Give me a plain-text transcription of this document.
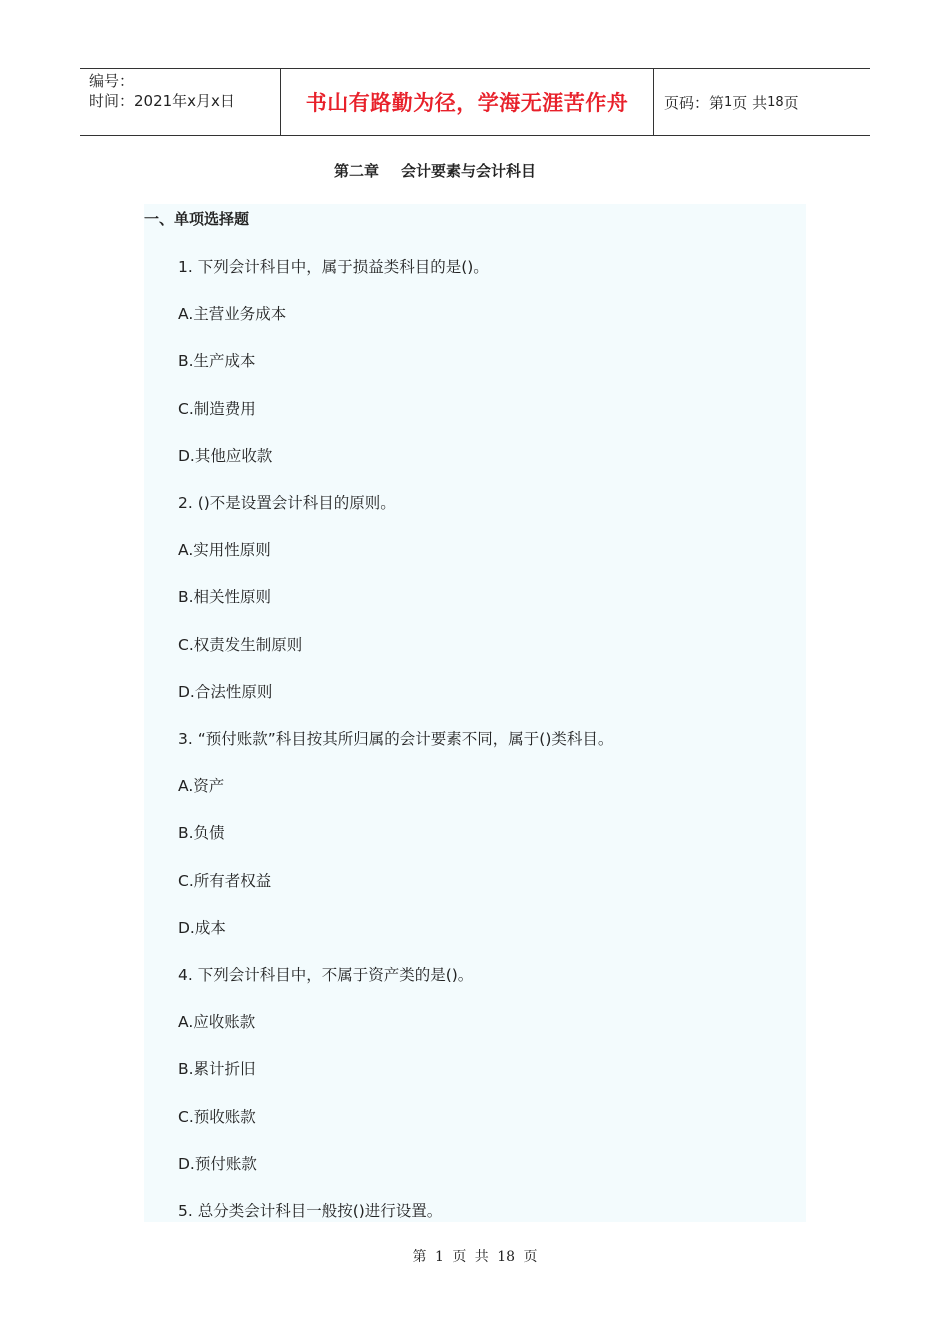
编号：
时间：2021年x月x日	书山有路勤为径，学海无涯苦作舟 页码：第 1 页 共 18 页
第二章 会计要素与会计科目
一、单项选择题
1. 下列会计科目中，属于损益类科目的是()。
A.主营业务成本
B.生产成本
C.制造费用
D.其他应收款
2. ()不是设置会计科目的原则。
A.实用性原则
B.相关性原则
C.权责发生制原则
D.合法性原则
3. “预付账款”科目按其所归属的会计要素不同，属于()类科目。
A.资产
B.负债
C.所有者权益
D.成本
4. 下列会计科目中，不属于资产类的是()。
A.应收账款
B.累计折旧
C.预收账款
D.预付账款
5. 总分类会计科目一般按()进行设置。
第 1 页 共 18 页
